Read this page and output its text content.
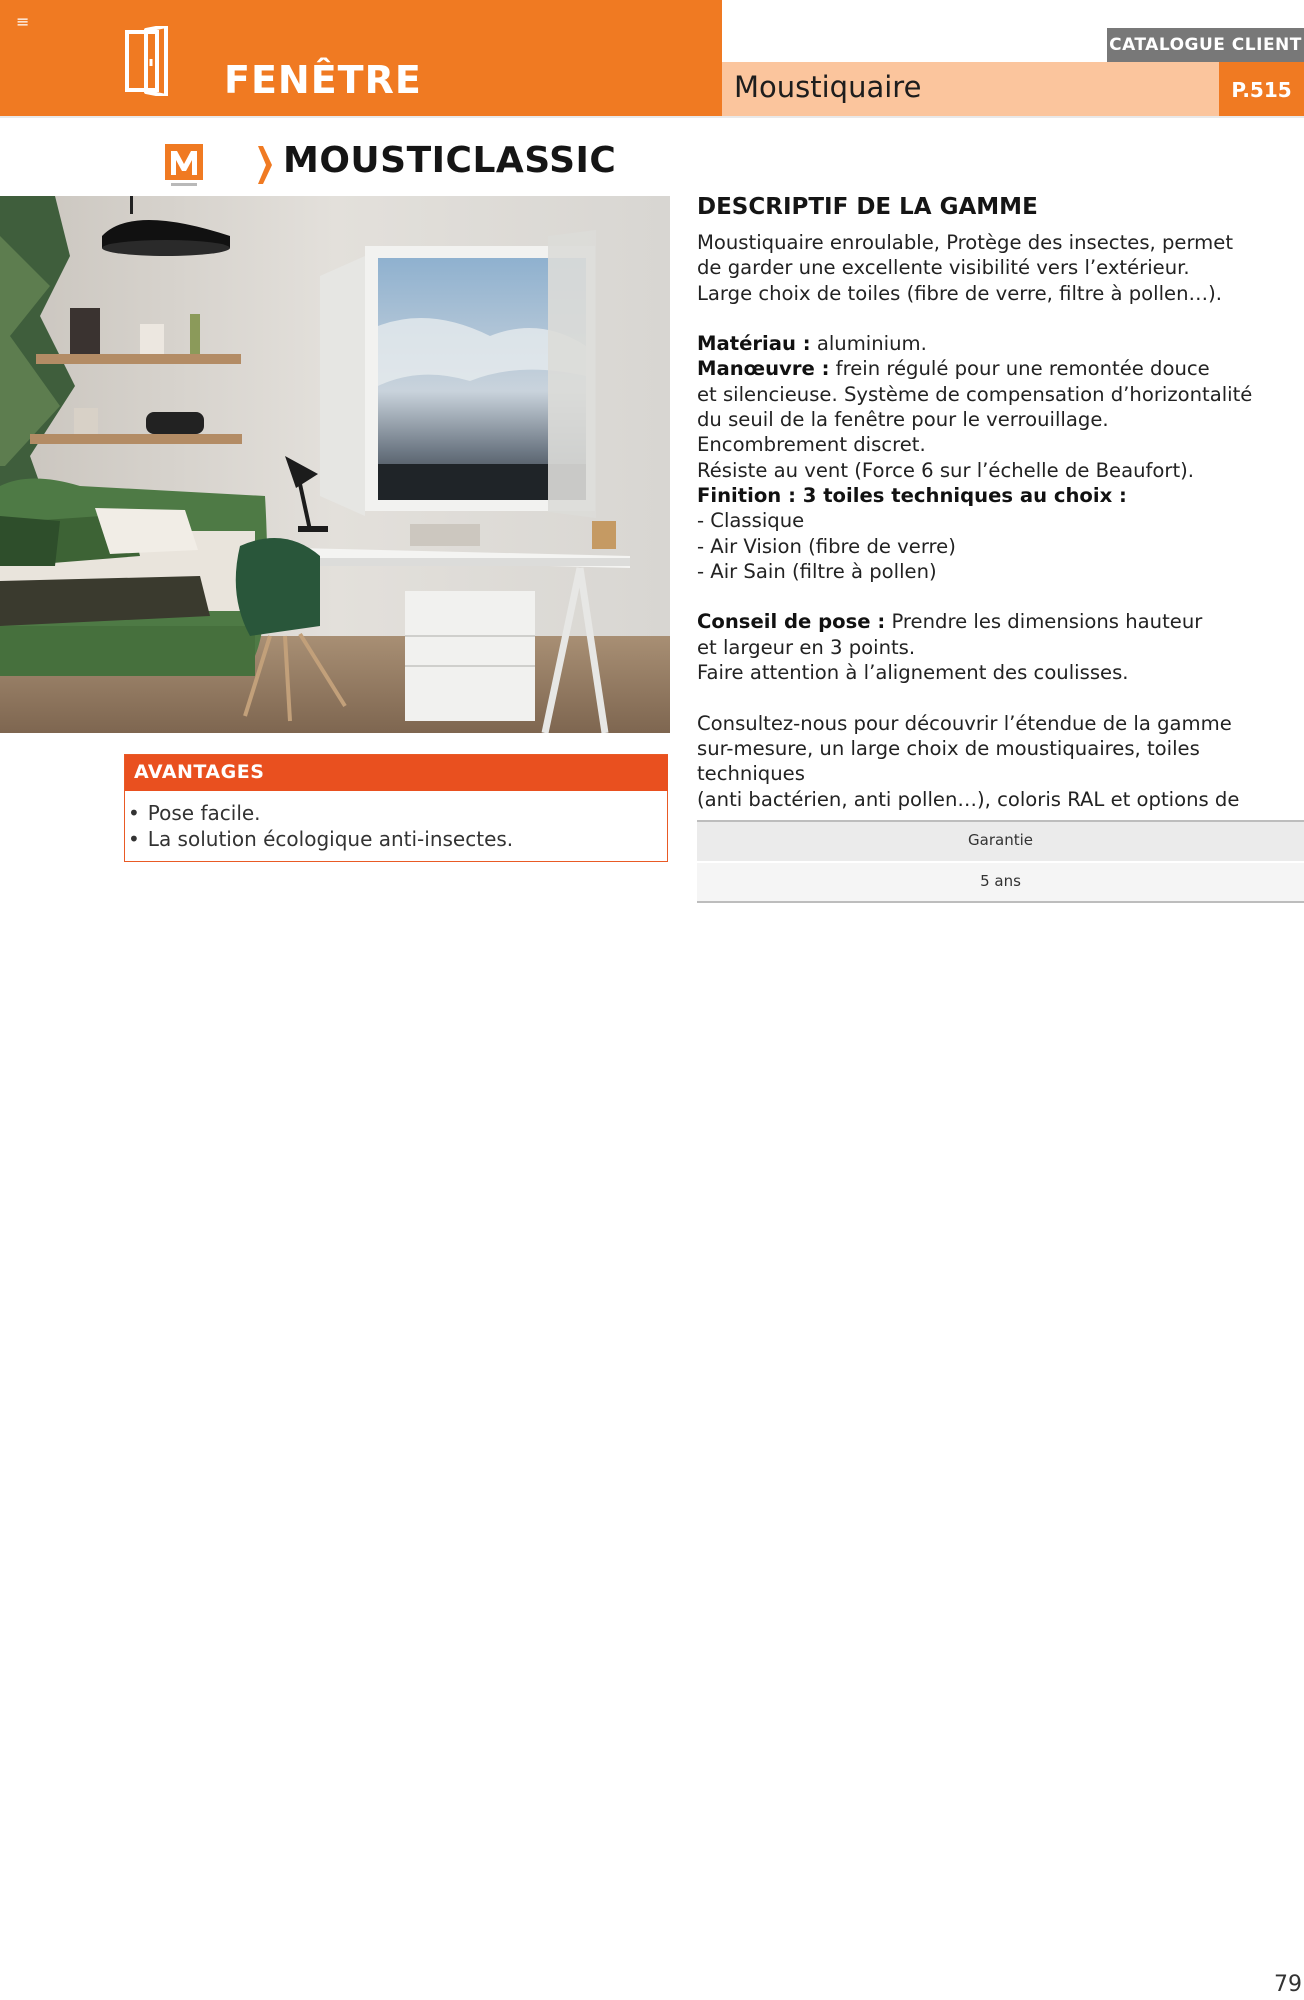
≡
FENÊTRE
CATALOGUE CLIENT
Moustiquaire	P.515
MOUSTICLASSIC
AVANTAGES
• Pose facile.
• La solution écologique anti-insectes.
DESCRIPTIF DE LA GAMME

Moustiquaire enroulable, Protège des insectes, permet

de garder une excellente visibilité vers l’extérieur.

Large choix de toiles (fibre de verre, filtre à pollen…).

Matériau : aluminium.

Manœuvre : frein régulé pour une remontée douce

et silencieuse. Système de compensation d’horizontalité

du seuil de la fenêtre pour le verrouillage.

Encombrement discret.

Résiste au vent (Force 6 sur l’échelle de Beaufort).

Finition : 3 toiles techniques au choix :

- Classique

- Air Vision (fibre de verre)

- Air Sain (filtre à pollen)

Conseil de pose : Prendre les dimensions hauteur

et largeur en 3 points.

Faire attention à l’alignement des coulisses.

Consultez-nous pour découvrir l’étendue de la gamme

sur-mesure, un large choix de moustiquaires, toiles techniques

(anti bactérien, anti pollen…), coloris RAL et options de

Garantie
5 ans
79
